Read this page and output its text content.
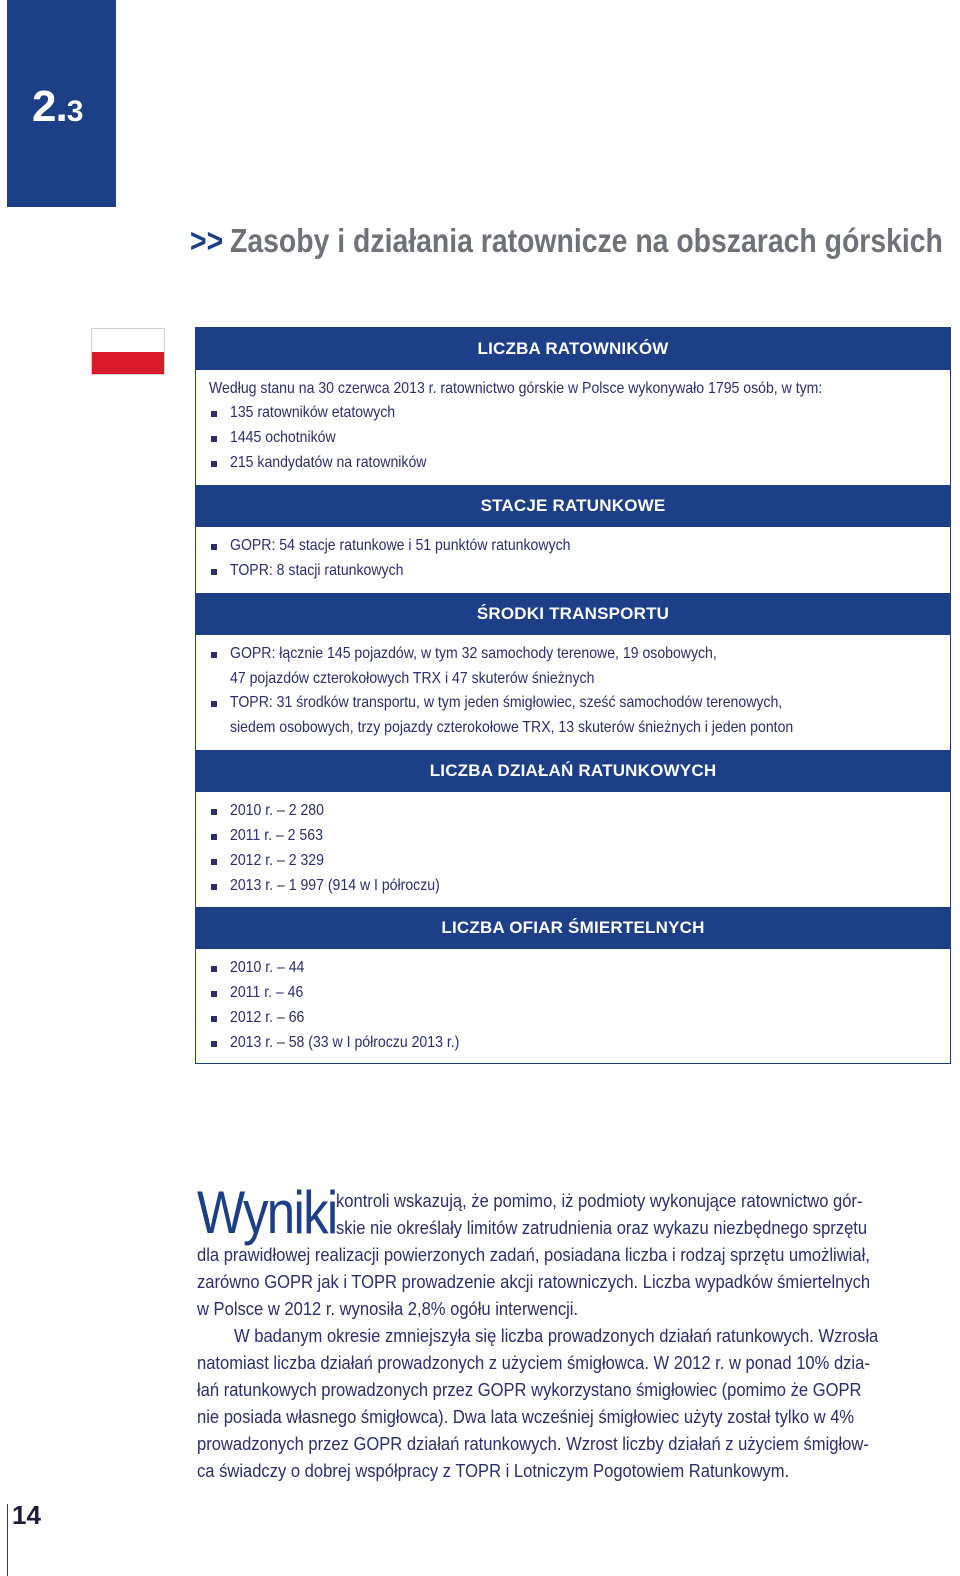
2.3
>> Zasoby i działania ratownicze na obszarach górskich
LICZBA RATOWNIKÓW
Według stanu na 30 czerwca 2013 r. ratownictwo górskie w Polsce wykonywało 1795 osób, w tym:
135 ratowników etatowych
1445 ochotników
215 kandydatów na ratowników
STACJE RATUNKOWE
GOPR: 54 stacje ratunkowe i 51 punktów ratunkowych
TOPR: 8 stacji ratunkowych
ŚRODKI TRANSPORTU
GOPR: łącznie 145 pojazdów, w tym 32 samochody terenowe, 19 osobowych,
47 pojazdów czterokołowych TRX i 47 skuterów śnieżnych
TOPR: 31 środków transportu, w tym jeden śmigłowiec, sześć samochodów terenowych,
siedem osobowych, trzy pojazdy czterokołowe TRX, 13 skuterów śnieżnych i jeden ponton
LICZBA DZIAŁAŃ RATUNKOWYCH
2010 r. – 2 280
2011 r. – 2 563
2012 r. – 2 329
2013 r. – 1 997 (914 w I półroczu)
LICZBA OFIAR ŚMIERTELNYCH
2010 r. – 44
2011 r. – 46
2012 r. – 66
2013 r. – 58 (33 w I półroczu 2013 r.)
Wyniki kontroli wskazują, że pomimo, iż podmioty wykonujące ratownictwo gór-
skie nie określały limitów zatrudnienia oraz wykazu niezbędnego sprzętu
dla prawidłowej realizacji powierzonych zadań, posiadana liczba i rodzaj sprzętu umożliwiał,
zarówno GOPR jak i TOPR prowadzenie akcji ratowniczych. Liczba wypadków śmiertelnych
w Polsce w 2012 r. wynosiła 2,8% ogółu interwencji.
W badanym okresie zmniejszyła się liczba prowadzonych działań ratunkowych. Wzrosła
natomiast liczba działań prowadzonych z użyciem śmigłowca. W 2012 r. w ponad 10% dzia-
łań ratunkowych prowadzonych przez GOPR wykorzystano śmigłowiec (pomimo że GOPR
nie posiada własnego śmigłowca). Dwa lata wcześniej śmigłowiec użyty został tylko w 4%
prowadzonych przez GOPR działań ratunkowych. Wzrost liczby działań z użyciem śmigłow-
ca świadczy o dobrej współpracy z TOPR i Lotniczym Pogotowiem Ratunkowym.
14
